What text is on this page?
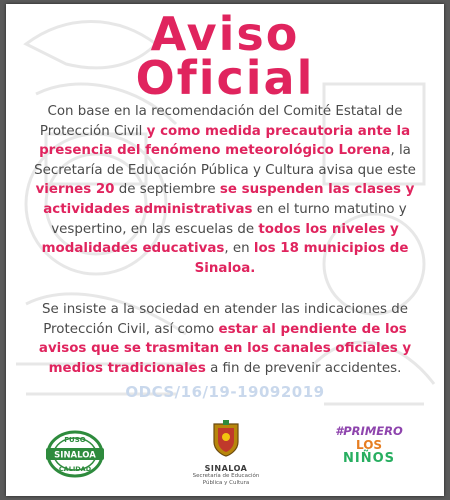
Aviso
Oficial
Con base en la recomendación del Comité Estatal de Protección Civil y como medida precautoria ante la presencia del fenómeno meteorológico Lorena, la Secretaría de Educación Pública y Cultura avisa que este viernes 20 de septiembre se suspenden las clases y actividades administrativas en el turno matutino y vespertino, en las escuelas de todos los niveles y modalidades educativas, en los 18 municipios de Sinaloa.
Se insiste a la sociedad en atender las indicaciones de Protección Civil, así como estar al pendiente de los avisos que se trasmitan en los canales oficiales y medios tradicionales a fin de prevenir accidentes.
ODCS/16/19-19092019
FUSO
SINALOA
CALIDAD	SINALOA
Secretaría de Educación
Pública y Cultura
#PRIMERO
LOS
NIÑOS
